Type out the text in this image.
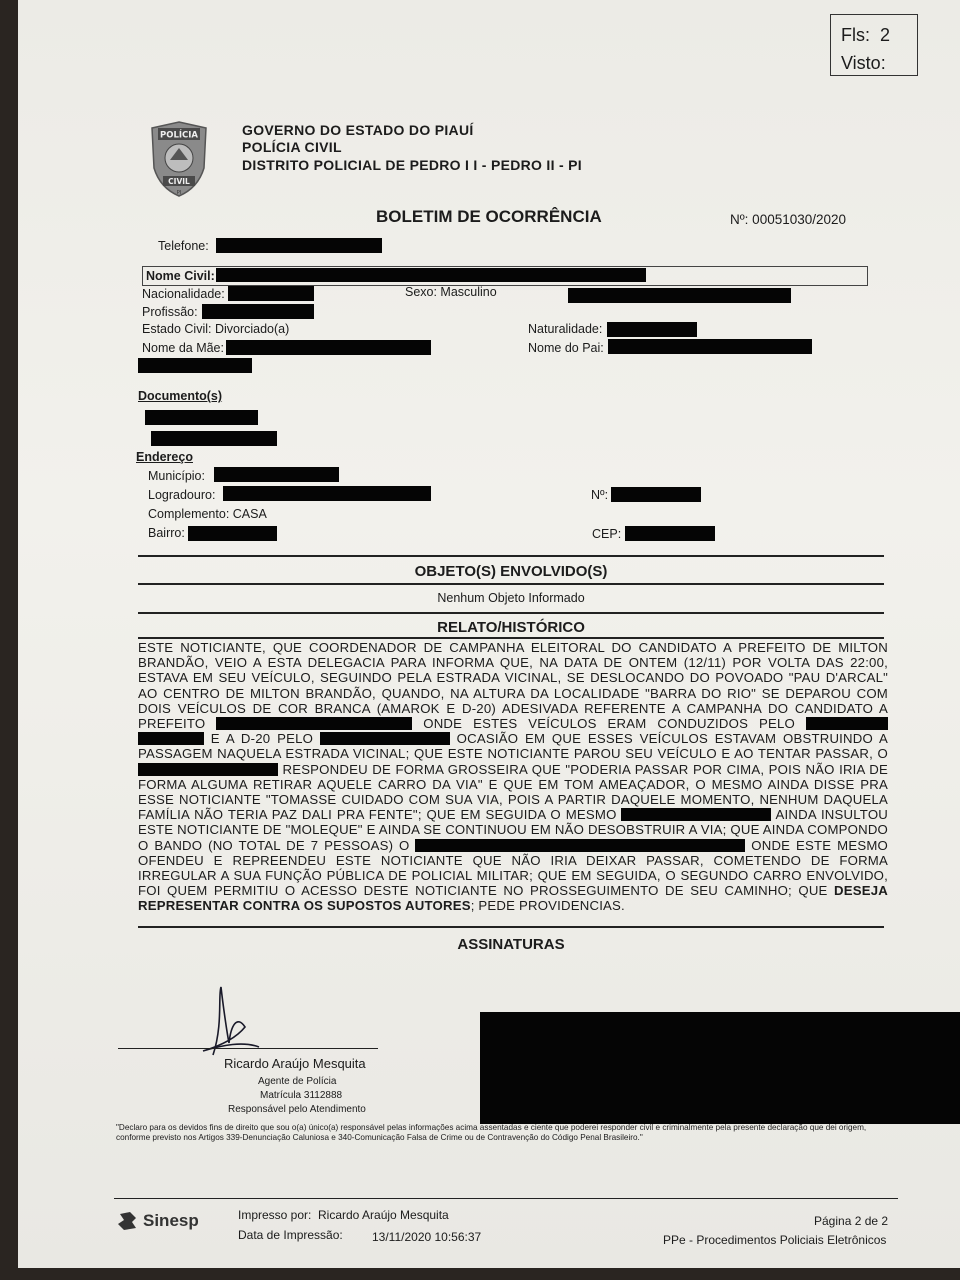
Fls: 2
Visto:
POLÍCIA
CIVIL
PI
GOVERNO DO ESTADO DO PIAUÍ
POLÍCIA CIVIL
DISTRITO POLICIAL DE PEDRO I I - PEDRO II - PI
BOLETIM DE OCORRÊNCIA	Nº: 00051030/2020
Telefone:
Nome Civil:
Nacionalidade:	Sexo: Masculino
Profissão:
Estado Civil: Divorciado(a)	Naturalidade:
Nome da Mãe:	Nome do Pai:
Documento(s)
Endereço
Município:
Logradouro:	Nº:
Complemento: CASA
Bairro:	CEP:
OBJETO(S) ENVOLVIDO(S)
Nenhum Objeto Informado
RELATO/HISTÓRICO
ESTE NOTICIANTE, QUE COORDENADOR DE CAMPANHA ELEITORAL DO CANDIDATO A PREFEITO DE MILTON BRANDÃO, VEIO A ESTA DELEGACIA PARA INFORMA QUE, NA DATA DE ONTEM (12/11) POR VOLTA DAS 22:00, ESTAVA EM SEU VEÍCULO, SEGUINDO PELA ESTRADA VICINAL, SE DESLOCANDO DO POVOADO "PAU D'ARCAL" AO CENTRO DE MILTON BRANDÃO, QUANDO, NA ALTURA DA LOCALIDADE "BARRA DO RIO" SE DEPAROU COM DOIS VEÍCULOS DE COR BRANCA (AMAROK E D-20) ADESIVADA REFERENTE A CAMPANHA DO CANDIDATO A PREFEITO	ONDE ESTES VEÍCULOS ERAM CONDUZIDOS PELO   E A D-20 PELO	OCASIÃO EM QUE ESSES VEÍCULOS ESTAVAM OBSTRUINDO A PASSAGEM NAQUELA ESTRADA VICINAL; QUE ESTE NOTICIANTE PAROU SEU VEÍCULO E AO TENTAR PASSAR, O  RESPONDEU DE FORMA GROSSEIRA QUE "PODERIA PASSAR POR CIMA, POIS NÃO IRIA DE FORMA ALGUMA RETIRAR AQUELE CARRO DA VIA" E QUE EM TOM AMEAÇADOR, O MESMO AINDA DISSE PRA ESSE NOTICIANTE "TOMASSE CUIDADO COM SUA VIA, POIS A PARTIR DAQUELE MOMENTO, NENHUM DAQUELA FAMÍLIA NÃO TERIA PAZ DALI PRA FENTE"; QUE EM SEGUIDA O MESMO	AINDA INSULTOU ESTE NOTICIANTE DE "MOLEQUE" E AINDA SE CONTINUOU EM NÃO DESOBSTRUIR A VIA; QUE AINDA COMPONDO O BANDO (NO TOTAL DE 7 PESSOAS) O	ONDE ESTE MESMO OFENDEU E REPREENDEU ESTE NOTICIANTE QUE NÃO IRIA DEIXAR PASSAR, COMETENDO DE FORMA IRREGULAR A SUA FUNÇÃO PÚBLICA DE POLICIAL MILITAR; QUE EM SEGUIDA, O SEGUNDO CARRO ENVOLVIDO, FOI QUEM PERMITIU O ACESSO DESTE NOTICIANTE NO PROSSEGUIMENTO DE SEU CAMINHO; QUE DESEJA REPRESENTAR CONTRA OS SUPOSTOS AUTORES; PEDE PROVIDENCIAS.
ASSINATURAS
Ricardo Araújo Mesquita
Agente de Polícia
Matrícula 3112888
Responsável pelo Atendimento
"Declaro para os devidos fins de direito que sou o(a) único(a) responsável pelas informações acima assentadas e ciente que poderei responder civil e criminalmente pela presente declaração que dei origem, conforme previsto nos Artigos 339-Denunciação Caluniosa e 340-Comunicação Falsa de Crime ou de Contravenção do Código Penal Brasileiro."
Sinesp	Impresso por: Ricardo Araújo Mesquita
Data de Impressão: 13/11/2020 10:56:37
Página 2 de 2
PPe - Procedimentos Policiais Eletrônicos
